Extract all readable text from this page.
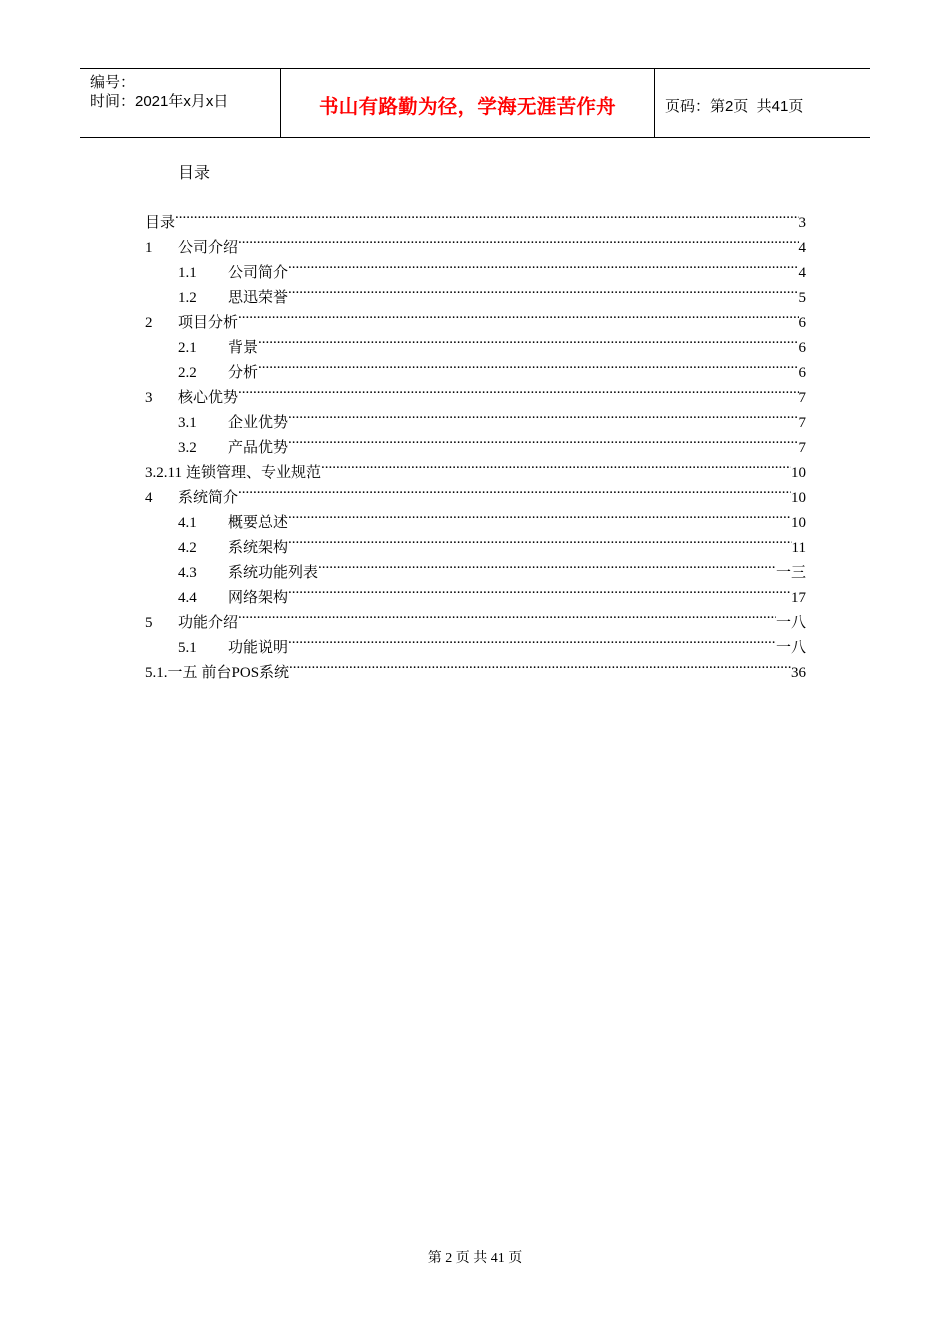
编号：
时间：2021年x月x日	书山有路勤为径，学海无涯苦作舟	页码：第2页  共41页
目录
目录 .....	3
1	公司介绍 .....	4
1.1	公司简介 .....	4
1.2	思迅荣誉 .....	5
2	项目分析 .....	6
2.1	背景 .....	6
2.2	分析 .....	6
3	核心优势 .....	7
3.1	企业优势 .....	7
3.2	产品优势 .....	7
3.2.11 连锁管理、专业规范 .....	10
4	系统简介 .....	10
4.1	概要总述 .....	10
4.2	系统架构 .....	11
4.3	系统功能列表 .....	一三
4.4	网络架构 .....	17
5	功能介绍 .....	一八
5.1	功能说明 .....	一八
5.1.一五 前台POS系统 .....	36
第 2 页 共 41 页
